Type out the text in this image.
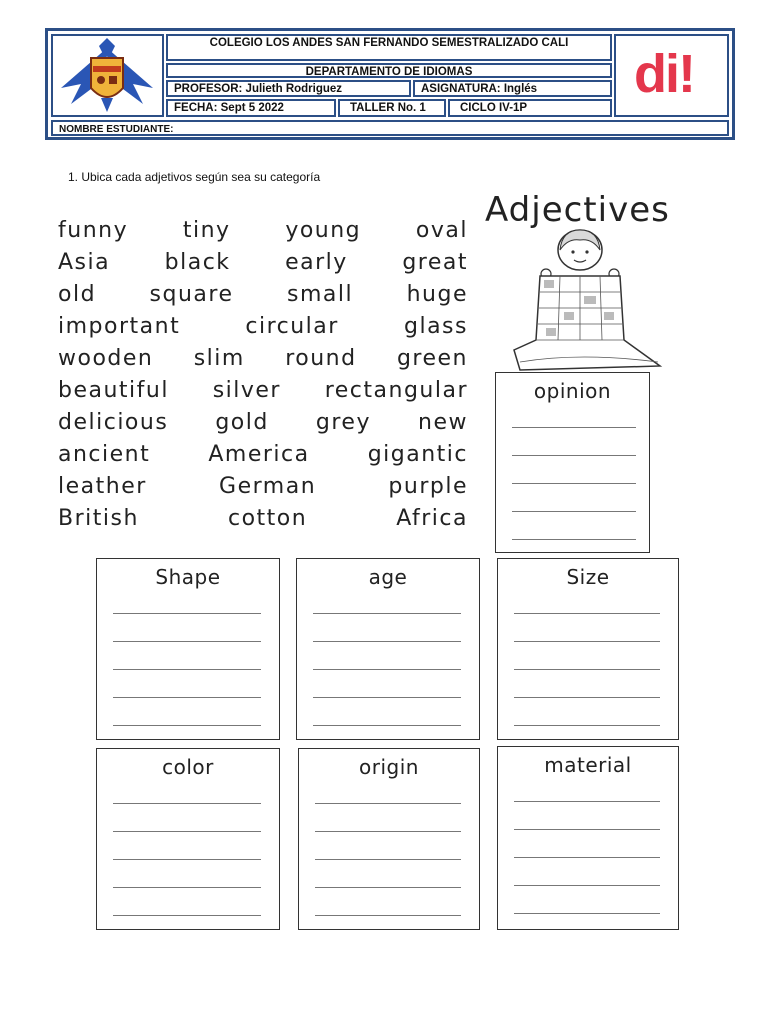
COLEGIO LOS ANDES SAN FERNANDO SEMESTRALIZADO CALI
DEPARTAMENTO DE IDIOMAS
PROFESOR: Julieth Rodriguez	ASIGNATURA: Inglés
FECHA: Sept 5 2022	TALLER No. 1	CICLO IV-1P
di!
NOMBRE ESTUDIANTE:
1. Ubica cada adjetivos según sea su categoría
funny tiny young oval
Asia black early great
old square small huge
important	circular	glass
wooden slim round green
beautiful silver rectangular
delicious gold grey new
ancient	America	gigantic
leather	German	purple
British	cotton	Africa
Adjectives
opinion
Shape	age	Size
color	origin	material
